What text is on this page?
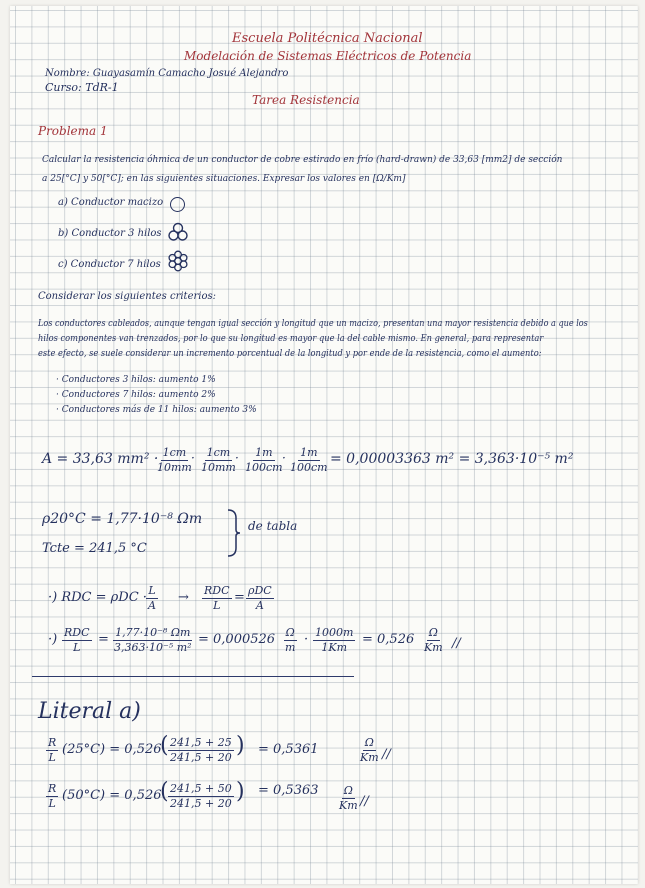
Escuela Politécnica Nacional
Modelación de Sistemas Eléctricos de Potencia
Nombre: Guayasamín Camacho Josué Alejandro
Curso: TdR-1
Tarea Resistencia
Problema 1
Calcular la resistencia óhmica de un conductor de cobre estirado en frío (hard-drawn) de 33,63 [mm2] de sección
a 25[°C] y 50[°C]; en las siguientes situaciones. Expresar los valores en [Ω/Km]
a) Conductor macizo
b) Conductor 3 hilos
c) Conductor 7 hilos
Considerar los siguientes criterios:
Los conductores cableados, aunque tengan igual sección y longitud que un macizo, presentan una mayor resistencia debido a que los
hilos componentes van trenzados, por lo que su longitud es mayor que la del cable mismo. En general, para representar
este efecto, se suele considerar un incremento porcentual de la longitud y por ende de la resistencia, como el aumento:
· Conductores 3 hilos: aumento 1%
· Conductores 7 hilos: aumento 2%
· Conductores más de 11 hilos: aumento 3%
A = 33,63 mm² ·
$\frac{1cm}{10mm}$
· $\frac{1cm}{10mm}$
· $\frac{1m}{100cm}$
· $\frac{1m}{100cm} = 0,00003363$ m² = 3,363·10⁻⁵ m²
ρ20°C = 1,77·10⁻⁸ Ωm
Tcte = 241,5 °C
de tabla
·) RDC = $\rho DC \cdot \frac{L}{A}$ → RDC
L
= ρDC
A
·) RDC
L
= $\frac{\text{1,77·10⁻⁸ Ωm}}{\text{3,363·10⁻⁵ m²}} = 0,000526 \frac{\Omega}{m} \cdot \frac{1000m}{1Km} = 0,526 \frac{\Omega}{Km}$ //
Literal a)
$\frac{R}{L} (25^\circ C) = 0,526$
( $\frac{241,5 + 25}{241,5 + 20}$ ) = 0,5361	$\frac{\Omega}{Km}$ //
$\frac{R}{L} (50^\circ C) = 0,526$
( $\frac{241,5 + 50}{241,5 + 20}$ ) = $0,5363 \frac{\Omega}{Km}$ //
